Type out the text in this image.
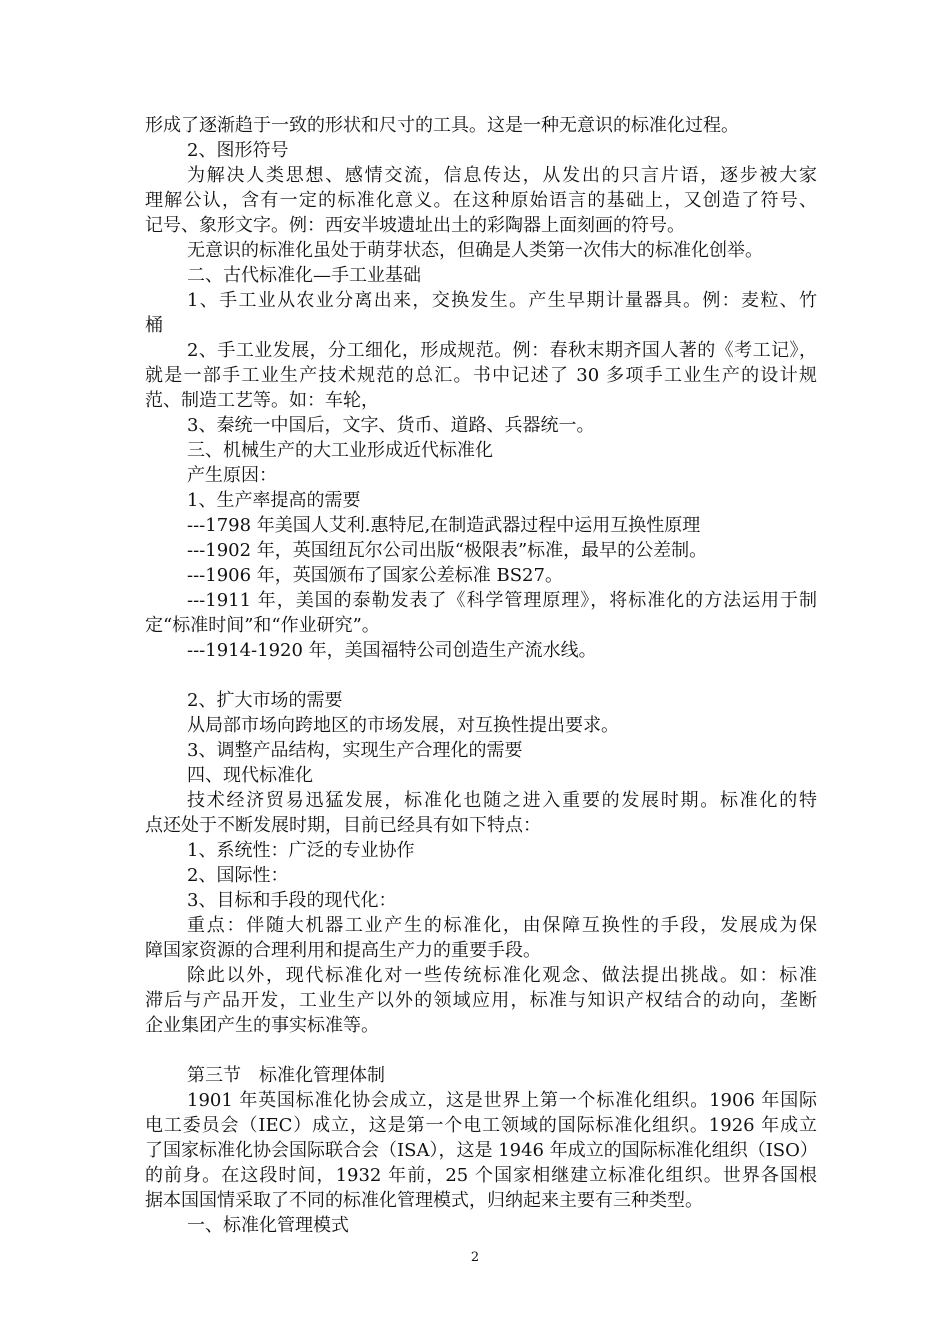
形成了逐渐趋于一致的形状和尺寸的工具。这是一种无意识的标准化过程。
2、图形符号
为解决人类思想、感情交流，信息传达，从发出的只言片语，逐步被大家
理解公认，含有一定的标准化意义。在这种原始语言的基础上，又创造了符号、
记号、象形文字。例：西安半坡遗址出土的彩陶器上面刻画的符号。
无意识的标准化虽处于萌芽状态，但确是人类第一次伟大的标准化创举。
二、古代标准化—手工业基础
1、手工业从农业分离出来，交换发生。产生早期计量器具。例：麦粒、竹
桶
2、手工业发展，分工细化，形成规范。例：春秋末期齐国人著的《考工记》，
就是一部手工业生产技术规范的总汇。书中记述了 30 多项手工业生产的设计规
范、制造工艺等。如：车轮，
3、秦统一中国后，文字、货币、道路、兵器统一。
三、机械生产的大工业形成近代标准化
产生原因：
1、生产率提高的需要
---1798 年美国人艾利.惠特尼,在制造武器过程中运用互换性原理
---1902 年，英国纽瓦尔公司出版“极限表”标准，最早的公差制。
---1906 年，英国颁布了国家公差标准 BS27。
---1911 年，美国的泰勒发表了《科学管理原理》，将标准化的方法运用于制
定“标准时间”和“作业研究”。
---1914-1920 年，美国福特公司创造生产流水线。
2、扩大市场的需要
从局部市场向跨地区的市场发展，对互换性提出要求。
3、调整产品结构，实现生产合理化的需要
四、现代标准化
技术经济贸易迅猛发展，标准化也随之进入重要的发展时期。标准化的特
点还处于不断发展时期，目前已经具有如下特点：
1、系统性：广泛的专业协作
2、国际性：
3、目标和手段的现代化：
重点：伴随大机器工业产生的标准化，由保障互换性的手段，发展成为保
障国家资源的合理利用和提高生产力的重要手段。
除此以外，现代标准化对一些传统标准化观念、做法提出挑战。如：标准
滞后与产品开发，工业生产以外的领域应用，标准与知识产权结合的动向，垄断
企业集团产生的事实标准等。
第三节　标准化管理体制
1901 年英国标准化协会成立，这是世界上第一个标准化组织。1906 年国际
电工委员会（IEC）成立，这是第一个电工领域的国际标准化组织。1926 年成立
了国家标准化协会国际联合会（ISA），这是 1946 年成立的国际标准化组织（ISO）
的前身。在这段时间，1932 年前，25 个国家相继建立标准化组织。世界各国根
据本国国情采取了不同的标准化管理模式，归纳起来主要有三种类型。
一、标准化管理模式
2
